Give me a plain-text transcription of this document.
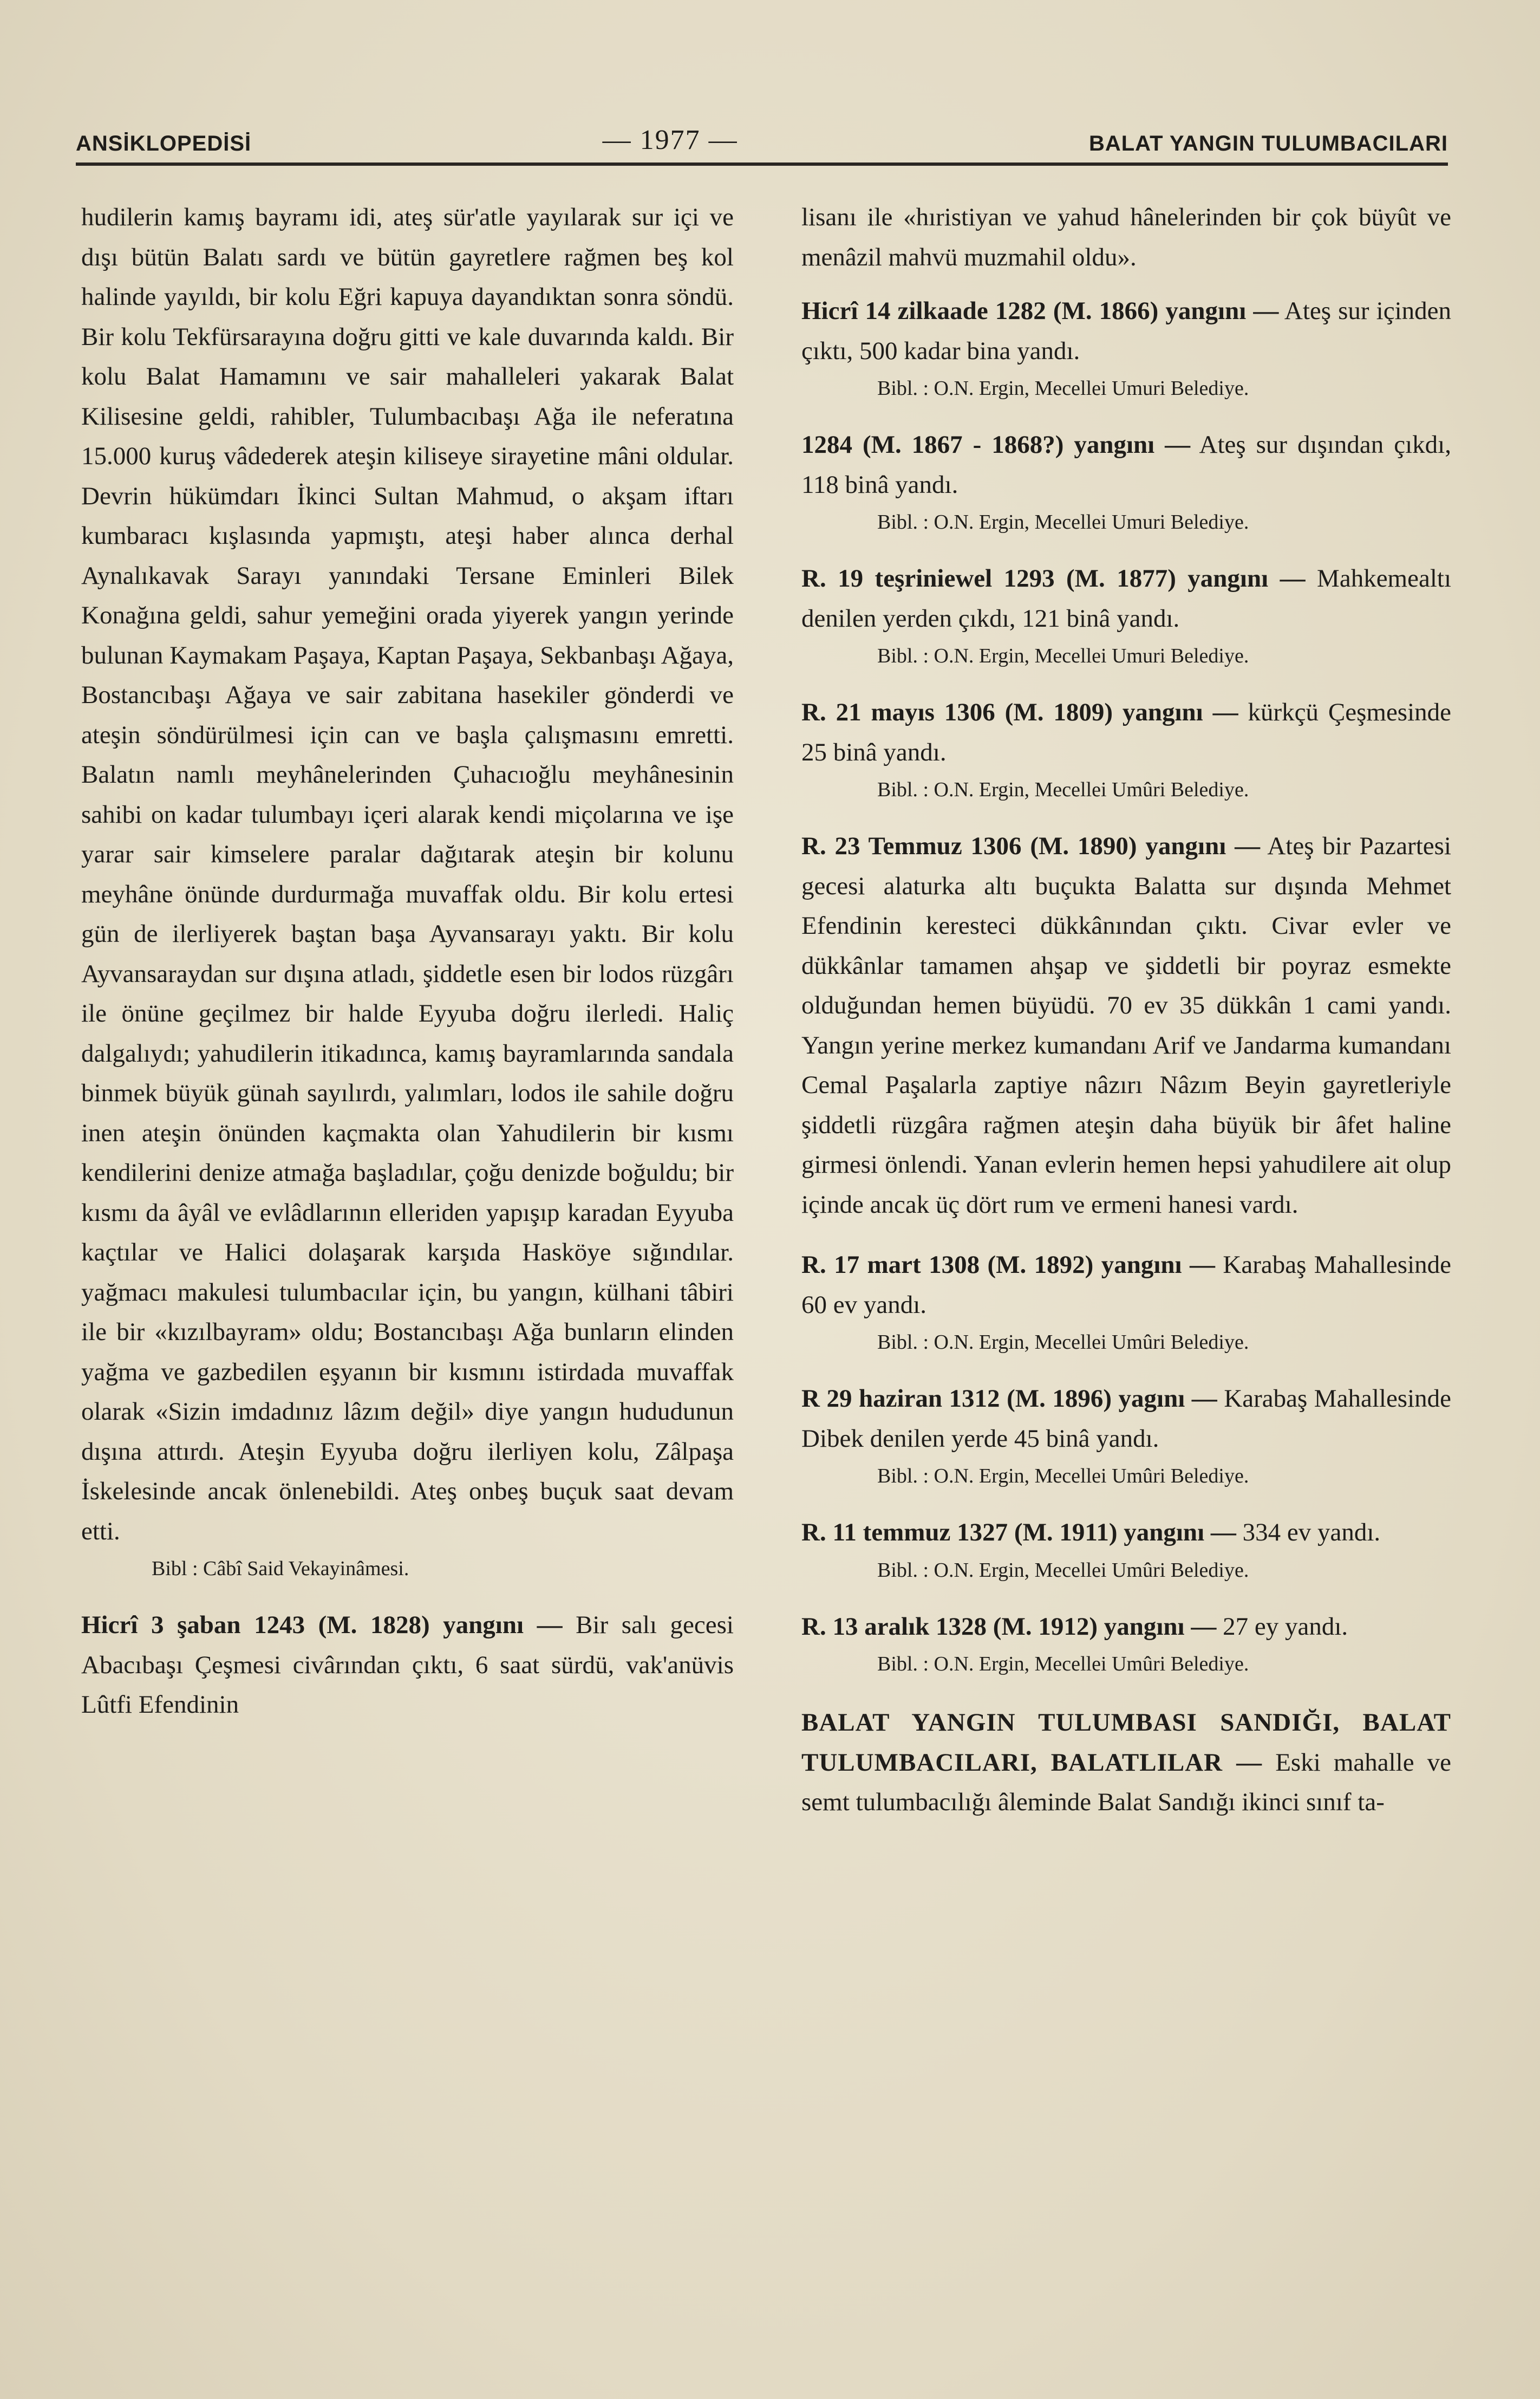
ANSİKLOPEDİSİ	— 1977 —	BALAT YANGIN TULUMBACILARI

hudilerin kamış bayramı idi, ateş sür'atle yayılarak sur içi ve dışı bütün Balatı sardı ve bütün gayretlere rağmen beş kol halinde yayıldı, bir kolu Eğri kapuya dayandıktan sonra söndü. Bir kolu Tekfürsarayına doğru gitti ve kale duvarında kaldı. Bir kolu Balat Hamamını ve sair mahalleleri yakarak Balat Kilisesine geldi, rahibler, Tulumbacıbaşı Ağa ile neferatına 15.000 kuruş vâdederek ateşin kiliseye sirayetine mâni oldular. Devrin hükümdarı İkinci Sultan Mahmud, o akşam iftarı kumbaracı kışlasında yapmıştı, ateşi haber alınca derhal Aynalıkavak Sarayı yanındaki Tersane Eminleri Bilek Konağına geldi, sahur yemeğini orada yiyerek yangın yerinde bulunan Kaymakam Paşaya, Kaptan Paşaya, Sekbanbaşı Ağaya, Bostancıbaşı Ağaya ve sair zabitana hasekiler gönderdi ve ateşin söndürülmesi için can ve başla çalışmasını emretti. Balatın namlı meyhânelerinden Çuhacıoğlu meyhânesinin sahibi on kadar tulumbayı içeri alarak kendi miçolarına ve işe yarar sair kimselere paralar dağıtarak ateşin bir kolunu meyhâne önünde durdurmağa muvaffak oldu. Bir kolu ertesi gün de ilerliyerek baştan başa Ayvansarayı yaktı. Bir kolu Ayvansaraydan sur dışına atladı, şiddetle esen bir lodos rüzgârı ile önüne geçilmez bir halde Eyyuba doğru ilerledi. Haliç dalgalıydı; yahudilerin itikadınca, kamış bayramlarında sandala binmek büyük günah sayılırdı, yalımları, lodos ile sahile doğru inen ateşin önünden kaçmakta olan Yahudilerin bir kısmı kendilerini denize atmağa başladılar, çoğu denizde boğuldu; bir kısmı da âyâl ve evlâdlarının elleriden yapışıp karadan Eyyuba kaçtılar ve Halici dolaşarak karşıda Hasköye sığındılar. yağmacı makulesi tulumbacılar için, bu yangın, külhani tâbiri ile bir «kızılbayram» oldu; Bostancıbaşı Ağa bunların elinden yağma ve gazbedilen eşyanın bir kısmını istirdada muvaffak olarak «Sizin imdadınız lâzım değil» diye yangın hududunun dışına attırdı. Ateşin Eyyuba doğru ilerliyen kolu, Zâlpaşa İskelesinde ancak önlenebildi. Ateş onbeş buçuk saat devam etti.

Bibl : Câbî Said Vekayinâmesi.

Hicrî 3 şaban 1243 (M. 1828) yangını — Bir salı gecesi Abacıbaşı Çeşmesi civârından çıktı, 6 saat sürdü, vak'anüvis Lûtfi Efendinin

lisanı ile «hıristiyan ve yahud hânelerinden bir çok büyût ve menâzil mahvü muzmahil oldu».

Hicrî 14 zilkaade 1282 (M. 1866) yangını — Ateş sur içinden çıktı, 500 kadar bina yandı.

Bibl. : O.N. Ergin, Mecellei Umuri Belediye.

1284 (M. 1867 - 1868?) yangını — Ateş sur dışından çıkdı, 118 binâ yandı.

Bibl. : O.N. Ergin, Mecellei Umuri Belediye.

R. 19 teşriniewel 1293 (M. 1877) yangını — Mahkemealtı denilen yerden çıkdı, 121 binâ yandı.

Bibl. : O.N. Ergin, Mecellei Umuri Belediye.

R. 21 mayıs 1306 (M. 1809) yangını — kürkçü Çeşmesinde 25 binâ yandı.

Bibl. : O.N. Ergin, Mecellei Umûri Belediye.

R. 23 Temmuz 1306 (M. 1890) yangını — Ateş bir Pazartesi gecesi alaturka altı buçukta Balatta sur dışında Mehmet Efendinin keresteci dükkânından çıktı. Civar evler ve dükkânlar tamamen ahşap ve şiddetli bir poyraz esmekte olduğundan hemen büyüdü. 70 ev 35 dükkân 1 cami yandı. Yangın yerine merkez kumandanı Arif ve Jandarma kumandanı Cemal Paşalarla zaptiye nâzırı Nâzım Beyin gayretleriyle şiddetli rüzgâra rağmen ateşin daha büyük bir âfet haline girmesi önlendi. Yanan evlerin hemen hepsi yahudilere ait olup içinde ancak üç dört rum ve ermeni hanesi vardı.

R. 17 mart 1308 (M. 1892) yangını — Karabaş Mahallesinde 60 ev yandı.

Bibl. : O.N. Ergin, Mecellei Umûri Belediye.

R 29 haziran 1312 (M. 1896) yagını — Karabaş Mahallesinde Dibek denilen yerde 45 binâ yandı.

Bibl. : O.N. Ergin, Mecellei Umûri Belediye.

R. 11 temmuz 1327 (M. 1911) yangını — 334 ev yandı.

Bibl. : O.N. Ergin, Mecellei Umûri Belediye.

R. 13 aralık 1328 (M. 1912) yangını — 27 ey yandı.

Bibl. : O.N. Ergin, Mecellei Umûri Belediye.

BALAT YANGIN TULUMBASI SANDIĞI, BALAT TULUMBACILARI, BALATLILAR — Eski mahalle ve semt tulumbacılığı âleminde Balat Sandığı ikinci sınıf ta-
